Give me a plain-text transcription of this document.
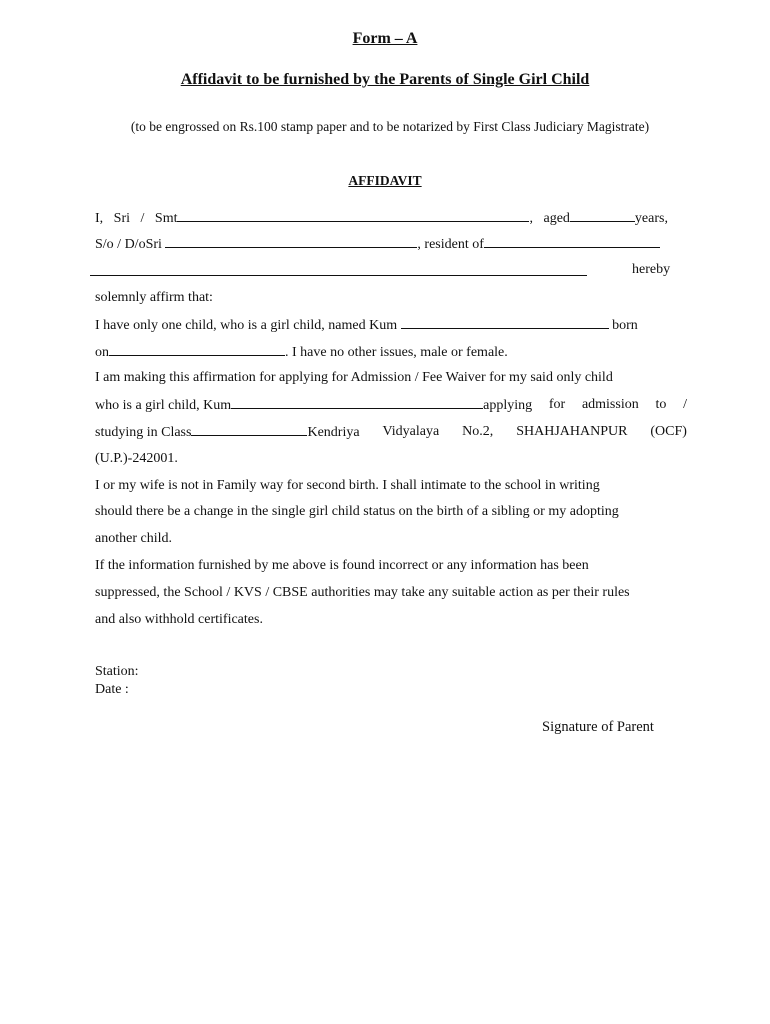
Form – A
Affidavit to be furnished by the Parents of Single Girl Child
(to be engrossed on Rs.100 stamp paper and to be notarized by First Class Judiciary Magistrate)
AFFIDAVIT
I, Sri / Smt	, aged	years,
S/o / D/oSri	, resident of
hereby
solemnly affirm that:
I have only one child, who is a girl child, named Kum	born
on	. I have no other issues, male or female.
I am making this affirmation for applying for Admission / Fee Waiver for my said only child
who is a girl child, Kum	applying for admission to /
studying in Class	Kendriya Vidyalaya No.2, SHAHJAHANPUR (OCF)
(U.P.)-242001.
I or my wife is not in Family way for second birth. I shall intimate to the school in writing
should there be a change in the single girl child status on the birth of a sibling or my adopting
another child.
If the information furnished by me above is found incorrect or any information has been
suppressed, the School / KVS / CBSE authorities may take any suitable action as per their rules
and also withhold certificates.
Station:
Date :
Signature of Parent
